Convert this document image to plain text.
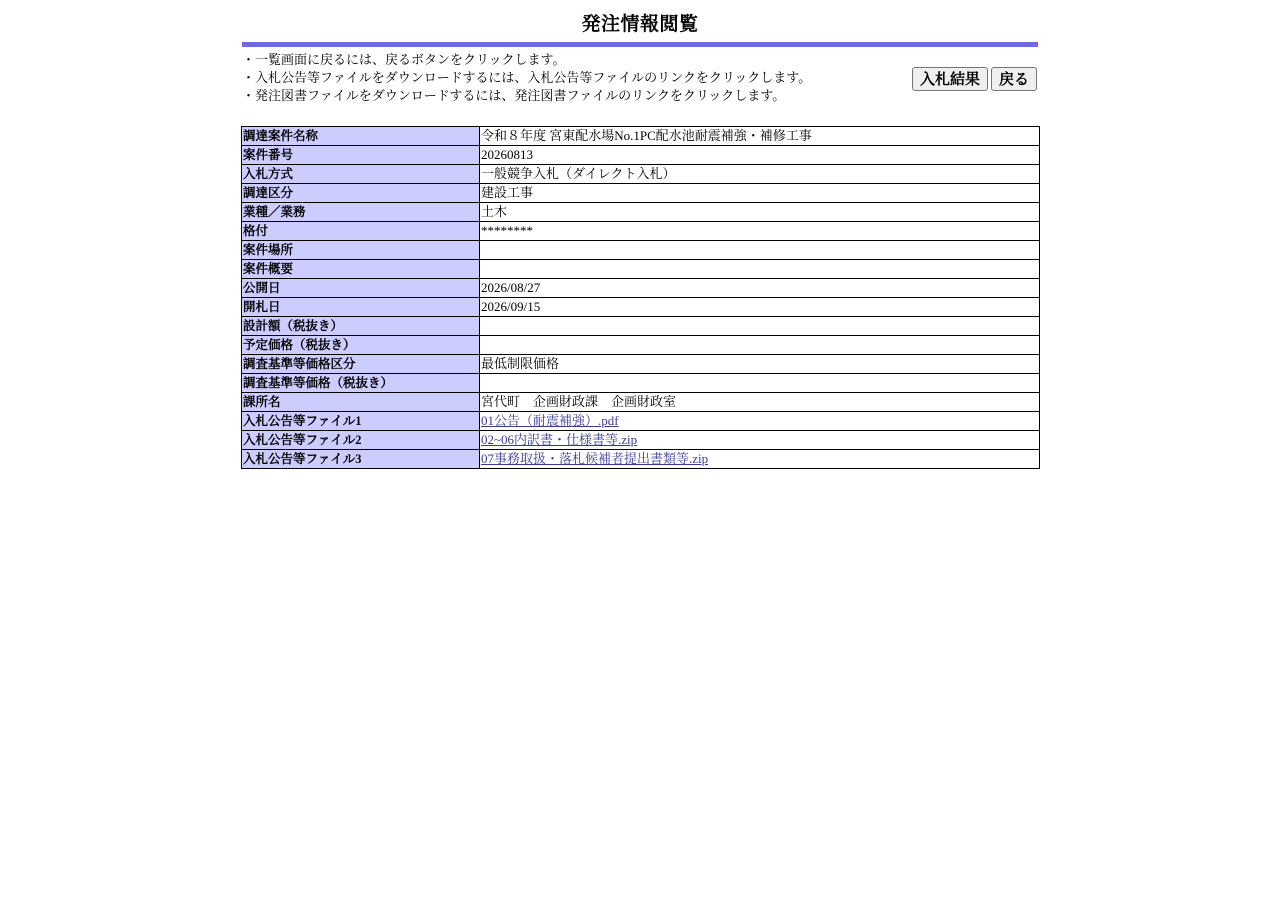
発注情報閲覧
・一覧画面に戻るには、戻るボタンをクリックします。
・入札公告等ファイルをダウンロードするには、入札公告等ファイルのリンクをクリックします。
・発注図書ファイルをダウンロードするには、発注図書ファイルのリンクをクリックします。
入札結果	戻る
調達案件名称	令和８年度 宮東配水場No.1PC配水池耐震補強・補修工事
案件番号	20260813
入札方式	一般競争入札（ダイレクト入札）
調達区分	建設工事
業種／業務	土木
格付	********
案件場所	
案件概要	
公開日	2026/08/27
開札日	2026/09/15
設計額（税抜き）	
予定価格（税抜き）	
調査基準等価格区分	最低制限価格
調査基準等価格（税抜き）	
課所名	宮代町　企画財政課　企画財政室
入札公告等ファイル1	01公告（耐震補強）.pdf
入札公告等ファイル2	02~06内訳書・仕様書等.zip
入札公告等ファイル3	07事務取扱・落札候補者提出書類等.zip
